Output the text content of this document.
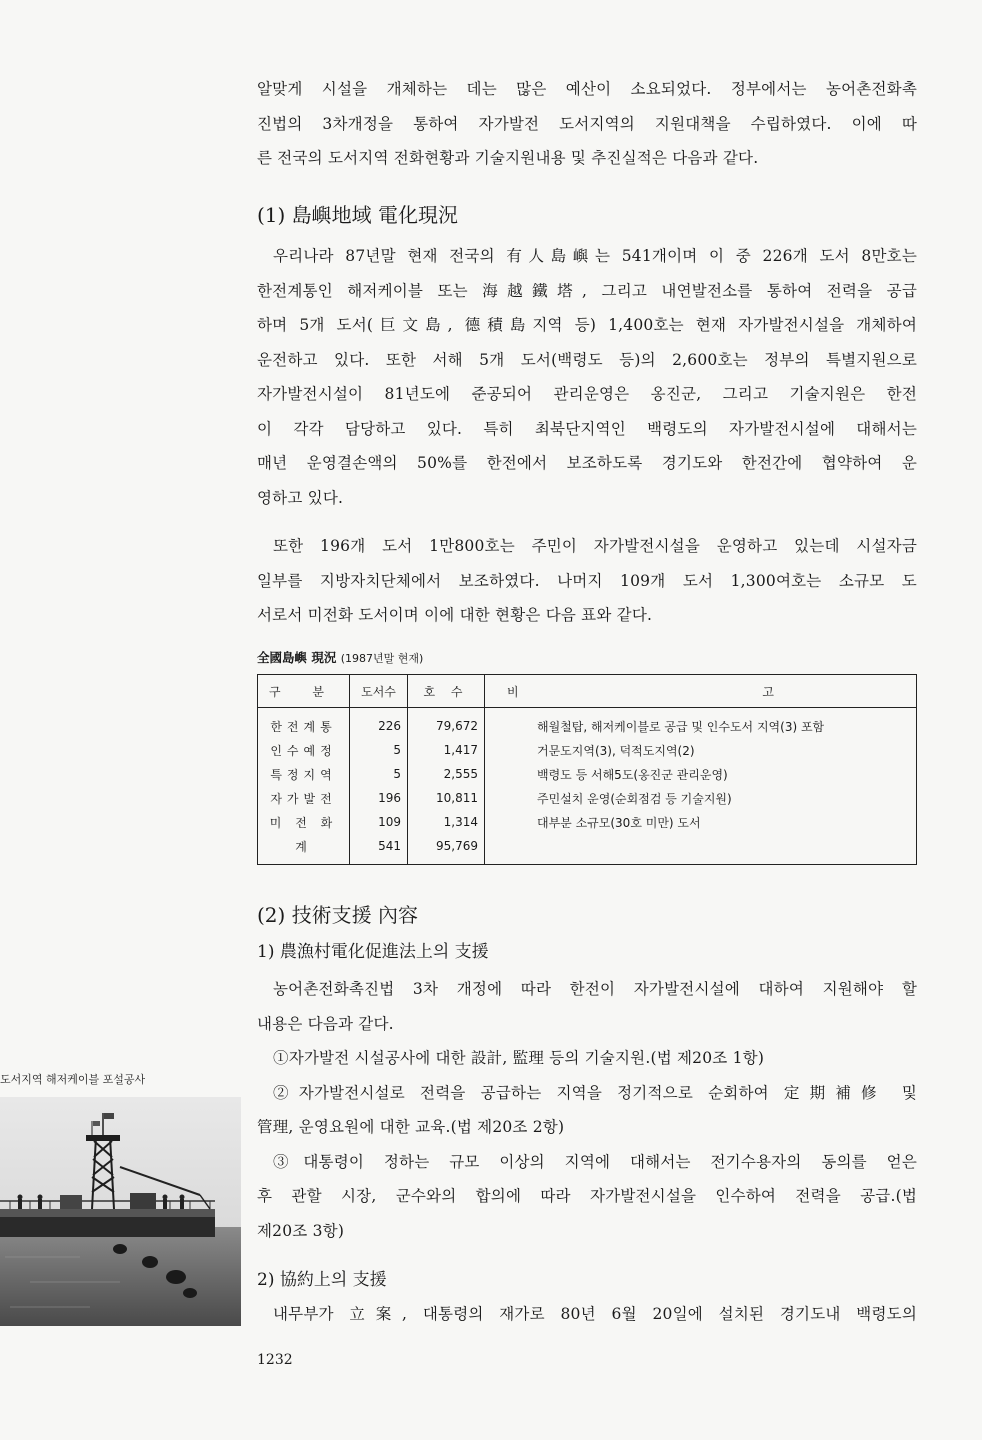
알맞게 시설을 개체하는 데는 많은 예산이 소요되었다. 정부에서는 농어촌전화촉
진법의 3차개정을 통하여 자가발전 도서지역의 지원대책을 수립하였다. 이에 따
른 전국의 도서지역 전화현황과 기술지원내용 및 추진실적은 다음과 같다.
(1) 島嶼地域 電化現況
우리나라 87년말 현재 전국의 有人島嶼는 541개이며 이 중 226개 도서 8만호는
한전계통인 해저케이블 또는 海越鐵塔, 그리고 내연발전소를 통하여 전력을 공급
하며 5개 도서(巨文島, 德積島지역 등) 1,400호는 현재 자가발전시설을 개체하여
운전하고 있다. 또한 서해 5개 도서(백령도 등)의 2,600호는 정부의 특별지원으로
자가발전시설이 81년도에 준공되어 관리운영은 옹진군, 그리고 기술지원은 한전
이 각각 담당하고 있다. 특히 최북단지역인 백령도의 자가발전시설에 대해서는
매년 운영결손액의 50%를 한전에서 보조하도록 경기도와 한전간에 협약하여 운
영하고 있다.
또한 196개 도서 1만800호는 주민이 자가발전시설을 운영하고 있는데 시설자금
일부를 지방자치단체에서 보조하였다. 나머지 109개 도서 1,300여호는 소규모 도
서로서 미전화 도서이며 이에 대한 현황은 다음 표와 같다.
全國島嶼 現況 (1987년말 현재)
구 분	도서수	호 수	비 고
한전계통	226	79,672	해월철탑, 해저케이블로 공급 및 인수도서 지역(3) 포함
인수예정	5	1,417	거문도지역(3), 덕적도지역(2)
특정지역	5	2,555	백령도 등 서해5도(옹진군 관리운영)
자가발전	196	10,811	주민설치 운영(순회점검 등 기술지원)
미 전 화	109	1,314	대부분 소규모(30호 미만) 도서
계	541	95,769	
(2) 技術支援 內容
1) 農漁村電化促進法上의 支援
농어촌전화촉진법 3차 개정에 따라 한전이 자가발전시설에 대하여 지원해야 할
내용은 다음과 같다.
①자가발전 시설공사에 대한 設計, 監理 등의 기술지원.(법 제20조 1항)
②자가발전시설로 전력을 공급하는 지역을 정기적으로 순회하여 定期補修 및
管理, 운영요원에 대한 교육.(법 제20조 2항)
③대통령이 정하는 규모 이상의 지역에 대해서는 전기수용자의 동의를 얻은
후 관할 시장, 군수와의 합의에 따라 자가발전시설을 인수하여 전력을 공급.(법
제20조 3항)
2) 協約上의 支援
내무부가 立案, 대통령의 재가로 80년 6월 20일에 설치된 경기도내 백령도의
도서지역 해저케이블 포설공사
1232
